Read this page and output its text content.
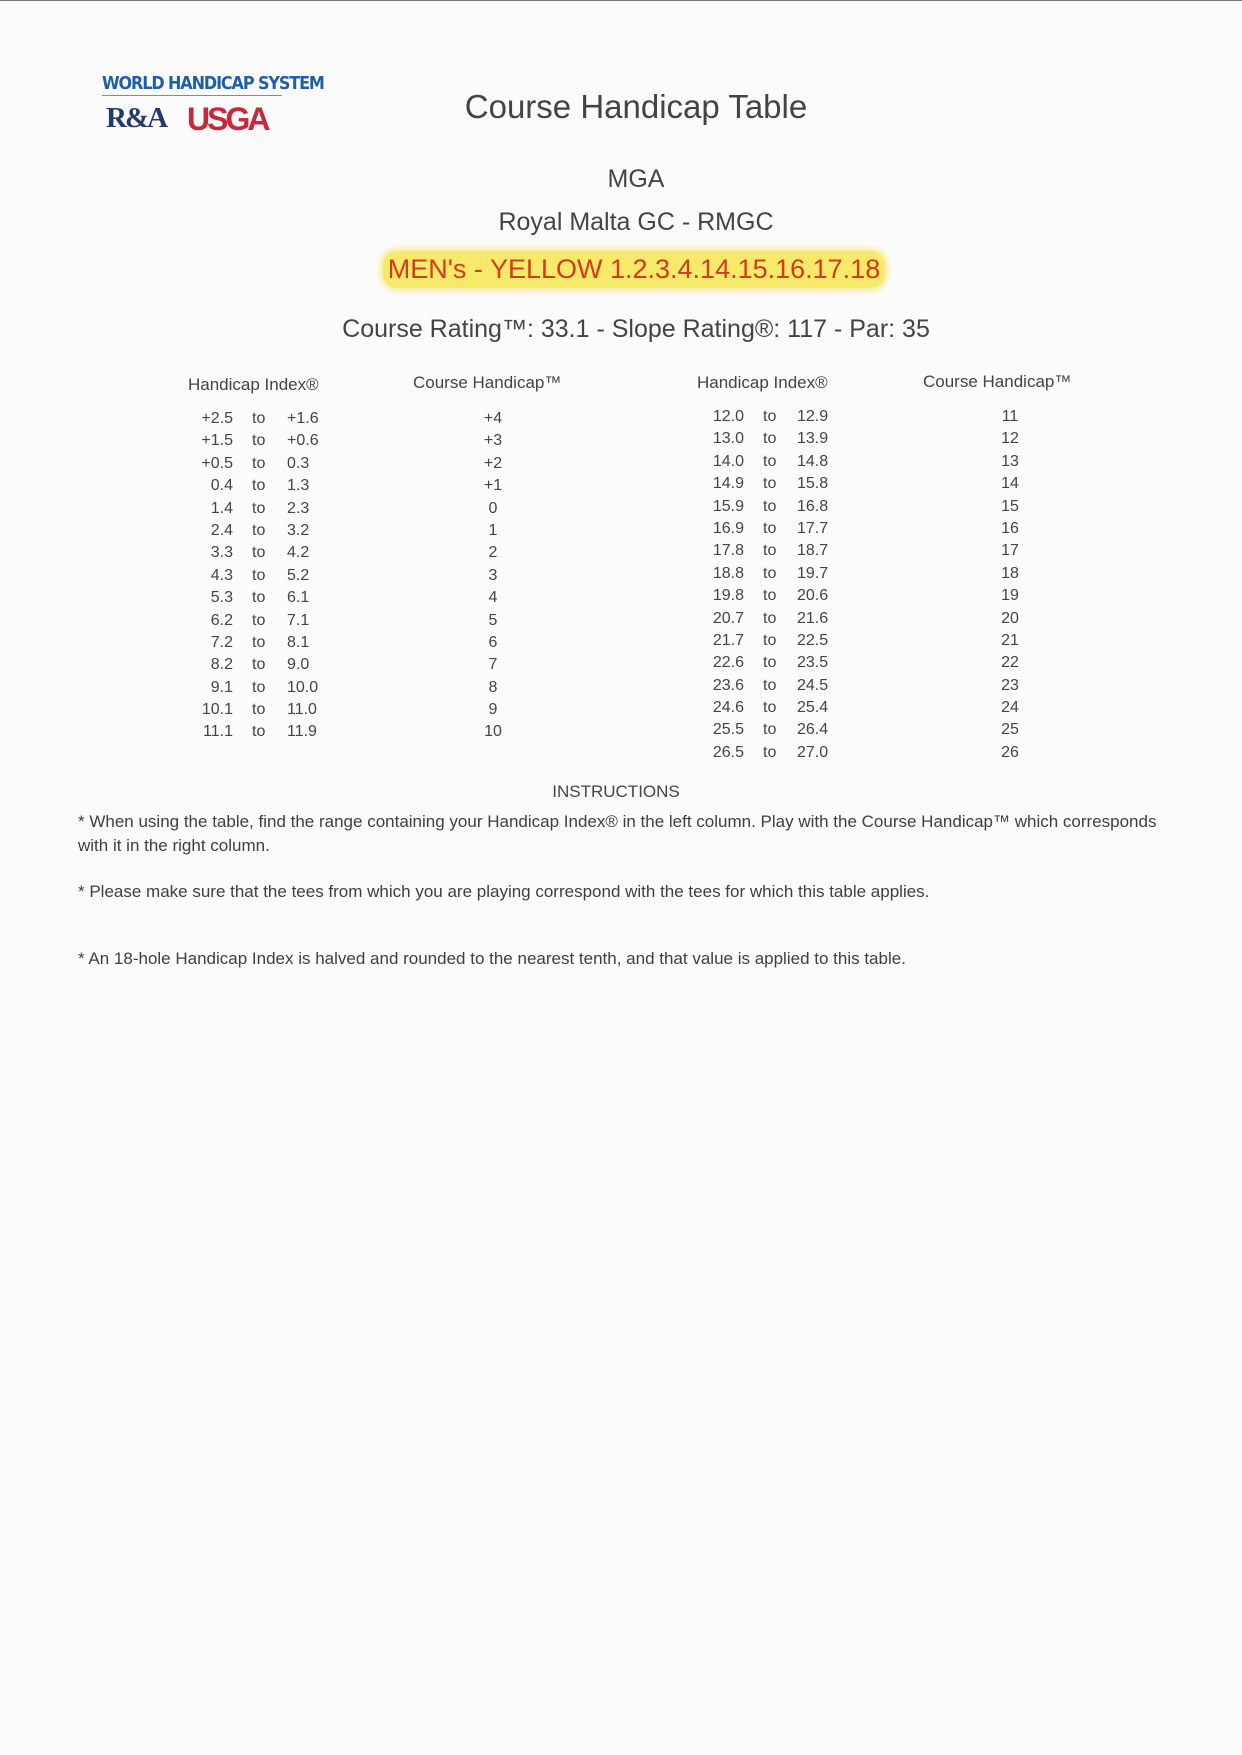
WORLD HANDICAP SYSTEM
R&A USGA	Course Handicap Table
MGA
Royal Malta GC - RMGC
MEN's - YELLOW 1.2.3.4.14.15.16.17.18
Course Rating™: 33.1 - Slope Rating®: 117 - Par: 35
Handicap Index®	Course Handicap™	Handicap Index®	Course Handicap™
+2.5 to +1.6	+4
+1.5 to +0.6	+3
+0.5 to 0.3	+2
0.4 to 1.3	+1
1.4 to 2.3	0
2.4 to 3.2	1
3.3 to 4.2	2
4.3 to 5.2	3
5.3 to 6.1	4
6.2 to 7.1	5
7.2 to 8.1	6
8.2 to 9.0	7
9.1 to 10.0	8
10.1 to 11.0	9
11.1 to 11.9	10
12.0 to 12.9	11
13.0 to 13.9	12
14.0 to 14.8	13
14.9 to 15.8	14
15.9 to 16.8	15
16.9 to 17.7	16
17.8 to 18.7	17
18.8 to 19.7	18
19.8 to 20.6	19
20.7 to 21.6	20
21.7 to 22.5	21
22.6 to 23.5	22
23.6 to 24.5	23
24.6 to 25.4	24
25.5 to 26.4	25
26.5 to 27.0	26
INSTRUCTIONS
* When using the table, find the range containing your Handicap Index® in the left column. Play with the Course Handicap™ which corresponds with it in the right column.
* Please make sure that the tees from which you are playing correspond with the tees for which this table applies.
* An 18-hole Handicap Index is halved and rounded to the nearest tenth, and that value is applied to this table.
